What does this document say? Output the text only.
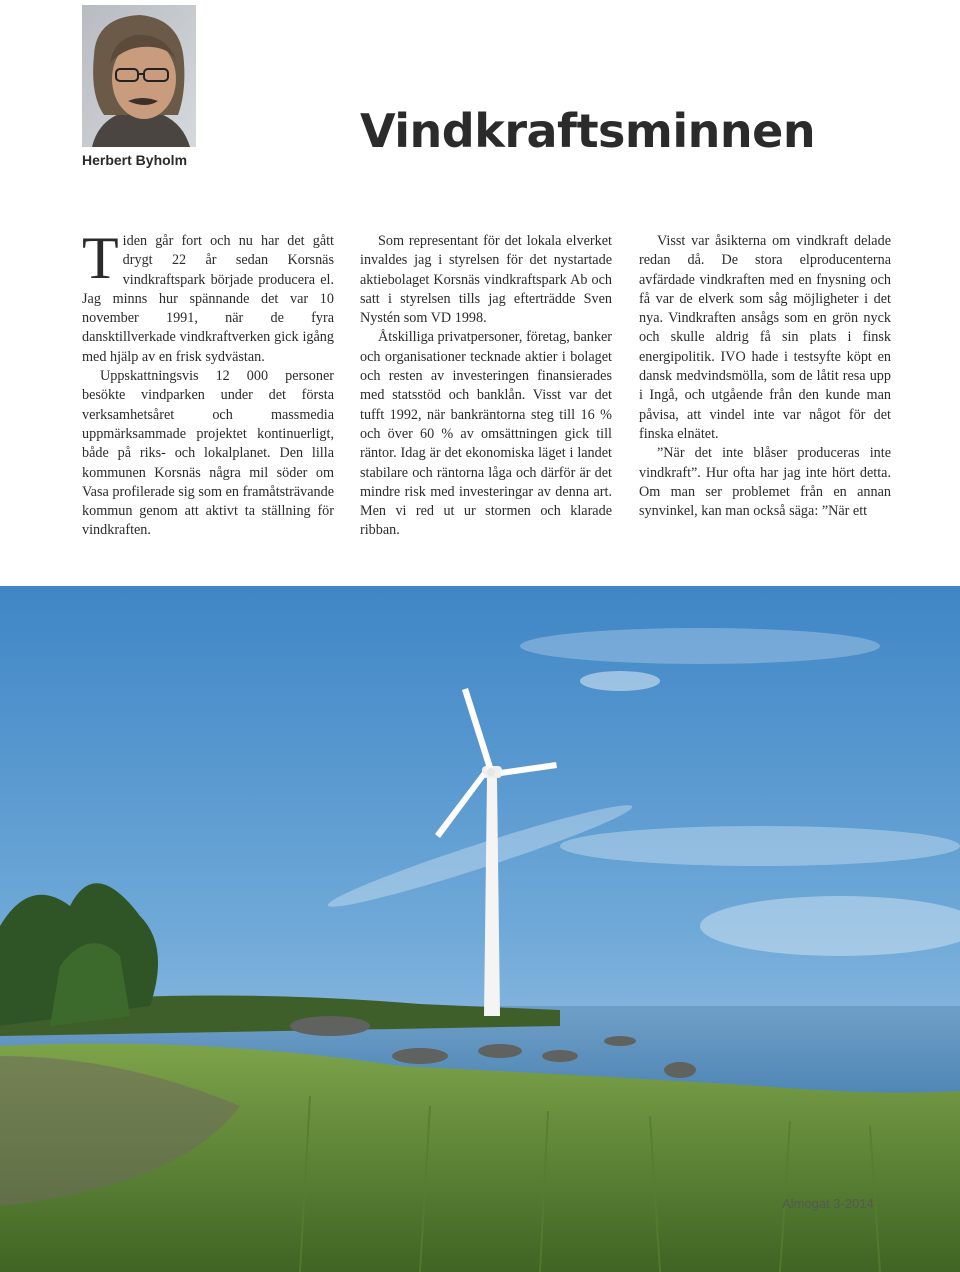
Herbert Byholm
Vindkraftsminnen

Tiden går fort och nu har det gått drygt 22 år sedan Korsnäs vindkraftspark började producera el. Jag minns hur spännande det var 10 november 1991, när de fyra dansktillverkade vindkraftverken gick igång med hjälp av en frisk sydvästan.

Uppskattningsvis 12 000 personer besökte vindparken under det första verksamhetsåret och massmedia uppmärksammade projektet kontinuerligt, både på riks- och lokalplanet. Den lilla kommunen Korsnäs några mil söder om Vasa profilerade sig som en framåtsträvande kommun genom att aktivt ta ställning för vindkraften.

Som representant för det lokala elverket invaldes jag i styrelsen för det nystartade aktiebolaget Korsnäs vindkraftspark Ab och satt i styrelsen tills jag efterträdde Sven Nystén som VD 1998.

Åtskilliga privatpersoner, företag, banker och organisationer tecknade aktier i bolaget och resten av investeringen finansierades med statsstöd och banklån. Visst var det tufft 1992, när bankräntorna steg till 16 % och över 60 % av omsättningen gick till räntor. Idag är det ekonomiska läget i landet stabilare och räntorna låga och därför är det mindre risk med investeringar av denna art. Men vi red ut ur stormen och klarade ribban.

Visst var åsikterna om vindkraft delade redan då. De stora elproducenterna avfärdade vindkraften med en fnysning och få var de elverk som såg möjligheter i det nya. Vindkraften ansågs som en grön nyck och skulle aldrig få sin plats i finsk energipolitik. IVO hade i testsyfte köpt en dansk medvindsmölla, som de låtit resa upp i Ingå, och utgående från den kunde man påvisa, att vindel inte var något för det finska elnätet.

”När det inte blåser produceras inte vindkraft”. Hur ofta har jag inte hört detta. Om man ser problemet från en annan synvinkel, kan man också säga: ”När ett

Almogat 3-2014
